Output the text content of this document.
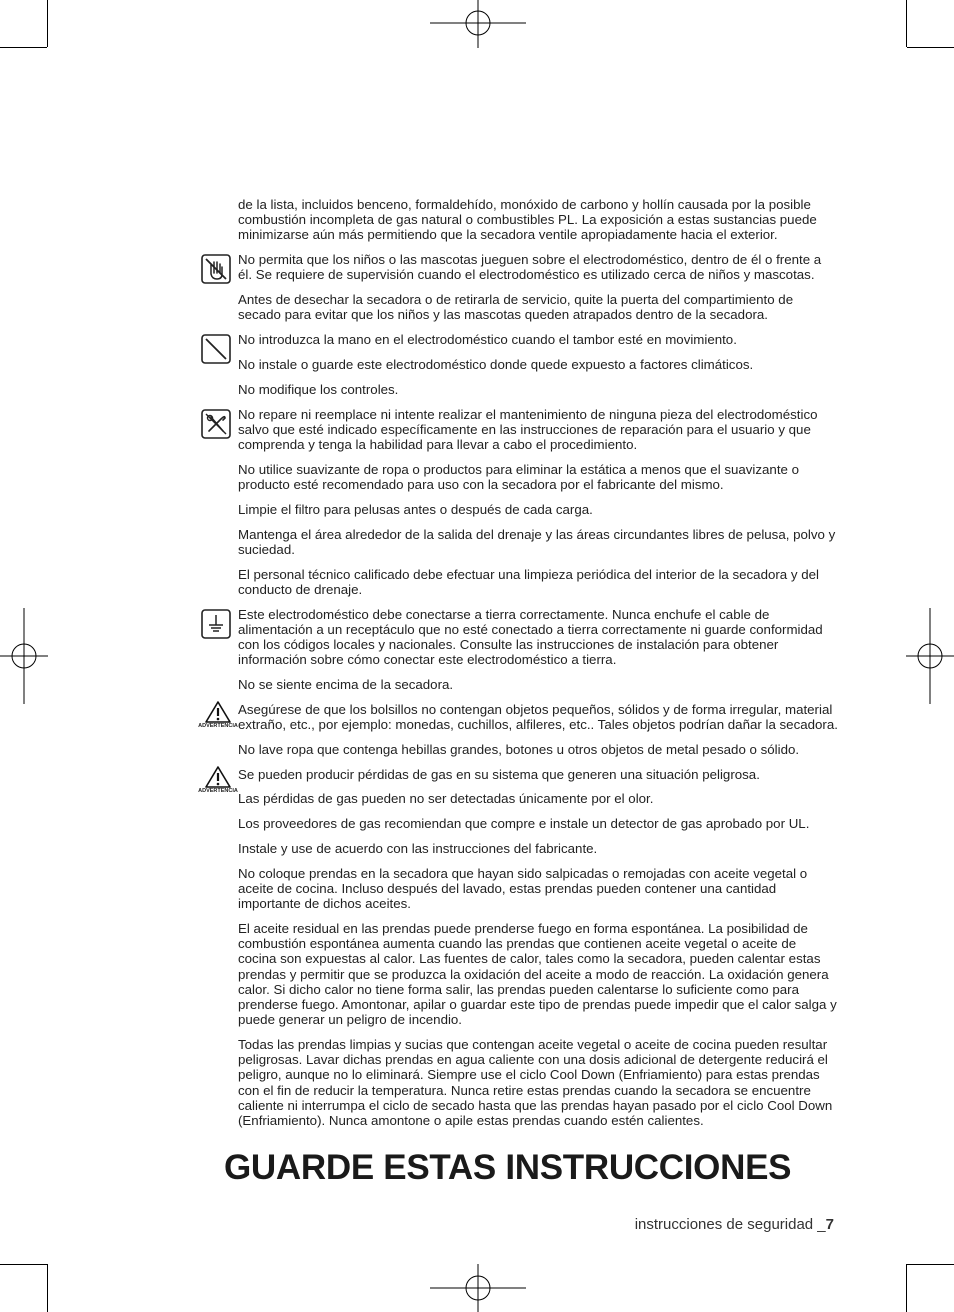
de la lista, incluidos benceno, formaldehído, monóxido de carbono y hollín causada por la posible combustión incompleta de gas natural o combustibles PL. La exposición a estas sustancias puede minimizarse aún más permitiendo que la secadora ventile apropiadamente hacia el exterior.
No permita que los niños o las mascotas jueguen sobre el electrodoméstico, dentro de él o frente a él. Se requiere de supervisión cuando el electrodoméstico es utilizado cerca de niños y mascotas.
Antes de desechar la secadora o de retirarla de servicio, quite la puerta del compartimiento de secado para evitar que los niños y las mascotas queden atrapados dentro de la secadora.
No introduzca la mano en el electrodoméstico cuando el tambor esté en movimiento.
No instale o guarde este electrodoméstico donde quede expuesto a factores climáticos.
No modifique los controles.
No repare ni reemplace ni intente realizar el mantenimiento de ninguna pieza del electrodoméstico salvo que esté indicado específicamente en las instrucciones de reparación para el usuario y que comprenda y tenga la habilidad para llevar a cabo el procedimiento.
No utilice suavizante de ropa o productos para eliminar la estática a menos que el suavizante o producto esté recomendado para uso con la secadora por el fabricante del mismo.
Limpie el filtro para pelusas antes o después de cada carga.
Mantenga el área alrededor de la salida del drenaje y las áreas circundantes libres de pelusa, polvo y suciedad.
El personal técnico calificado debe efectuar una limpieza periódica del interior de la secadora y del conducto de drenaje.
Este electrodoméstico debe conectarse a tierra correctamente. Nunca enchufe el cable de alimentación a un receptáculo que no esté conectado a tierra correctamente ni guarde conformidad con los códigos locales y nacionales. Consulte las instrucciones de instalación para obtener información sobre cómo conectar este electrodoméstico a tierra.
No se siente encima de la secadora.
ADVERTENCIA
Asegúrese de que los bolsillos no contengan objetos pequeños, sólidos y de forma irregular, material extraño, etc., por ejemplo: monedas, cuchillos, alfileres, etc.. Tales objetos podrían dañar la secadora.
No lave ropa que contenga hebillas grandes, botones u otros objetos de metal pesado o sólido.
ADVERTENCIA
Se pueden producir pérdidas de gas en su sistema que generen una situación peligrosa.
Las pérdidas de gas pueden no ser detectadas únicamente por el olor.
Los proveedores de gas recomiendan que compre e instale un detector de gas aprobado por UL.
Instale y use de acuerdo con las instrucciones del fabricante.
No coloque prendas en la secadora que hayan sido salpicadas o remojadas con aceite vegetal o aceite de cocina. Incluso después del lavado, estas prendas pueden contener una cantidad importante de dichos aceites.
El aceite residual en las prendas puede prenderse fuego en forma espontánea. La posibilidad de combustión espontánea aumenta cuando las prendas que contienen aceite vegetal o aceite de cocina son expuestas al calor. Las fuentes de calor, tales como la secadora, pueden calentar estas prendas y permitir que se produzca la oxidación del aceite a modo de reacción. La oxidación genera calor. Si dicho calor no tiene forma salir, las prendas pueden calentarse lo suficiente como para prenderse fuego. Amontonar, apilar o guardar este tipo de prendas puede impedir que el calor salga y puede generar un peligro de incendio.
Todas las prendas limpias y sucias que contengan aceite vegetal o aceite de cocina pueden resultar peligrosas. Lavar dichas prendas en agua caliente con una dosis adicional de detergente reducirá el peligro, aunque no lo eliminará. Siempre use el ciclo Cool Down (Enfriamiento) para estas prendas con el fin de reducir la temperatura. Nunca retire estas prendas cuando la secadora se encuentre caliente ni interrumpa el ciclo de secado hasta que las prendas hayan pasado por el ciclo Cool Down (Enfriamiento). Nunca amontone o apile estas prendas cuando estén calientes.
GUARDE ESTAS INSTRUCCIONES
instrucciones de seguridad _7
